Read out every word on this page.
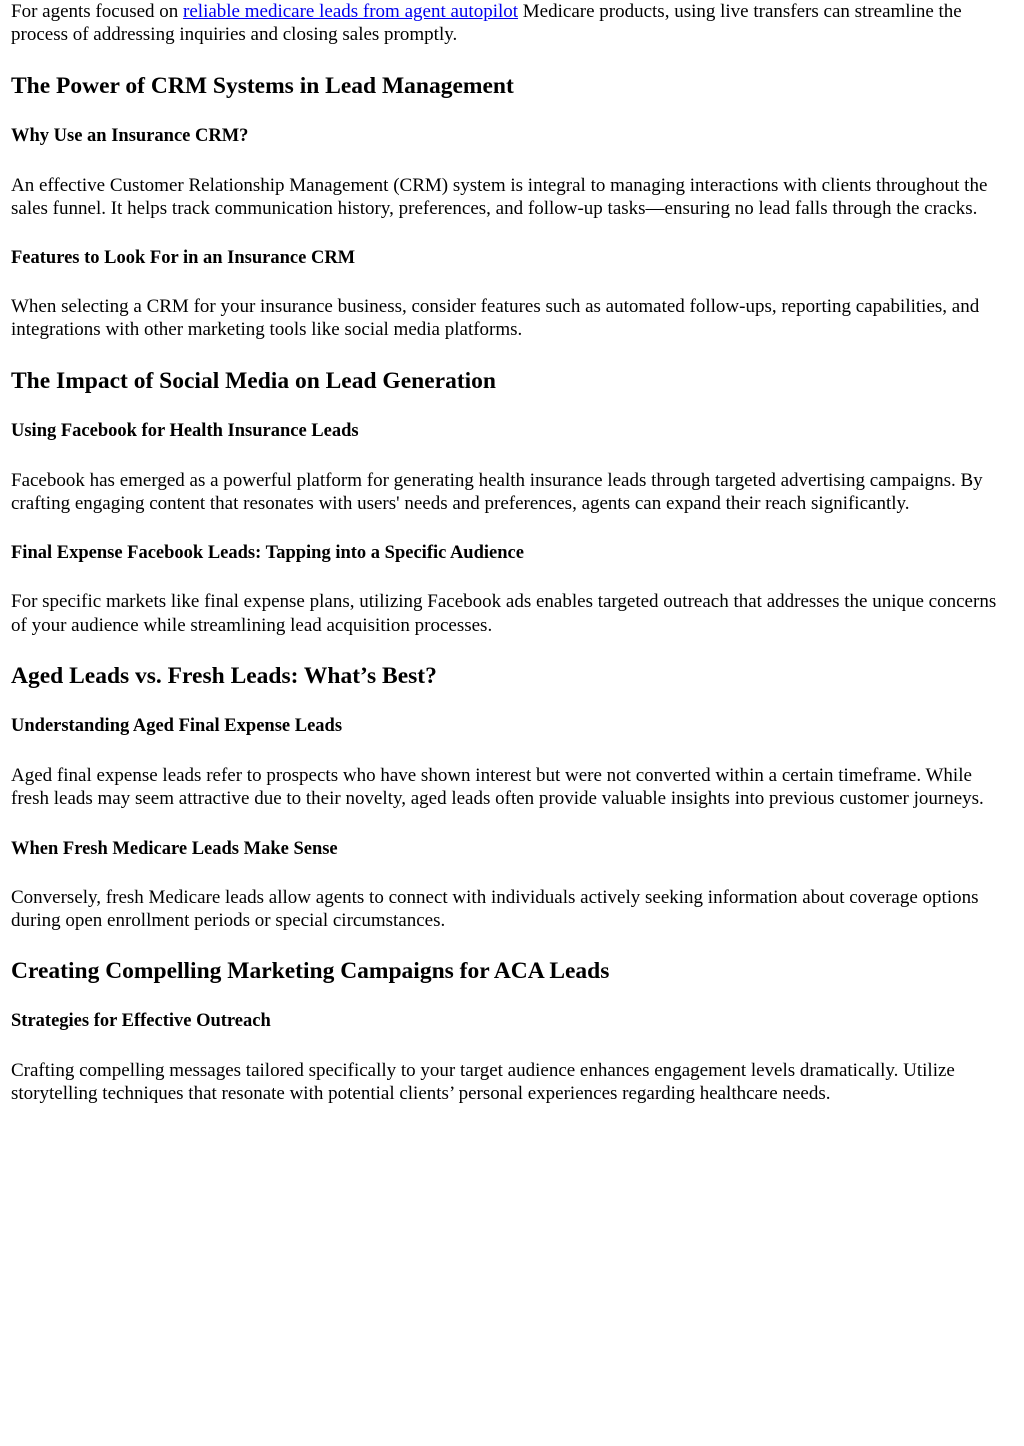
For agents focused on reliable medicare leads from agent autopilot Medicare products, using live transfers can streamline the process of addressing inquiries and closing sales promptly.

The Power of CRM Systems in Lead Management
Why Use an Insurance CRM?

An effective Customer Relationship Management (CRM) system is integral to managing interactions with clients throughout the sales funnel. It helps track communication history, preferences, and follow-up tasks—ensuring no lead falls through the cracks.

Features to Look For in an Insurance CRM

When selecting a CRM for your insurance business, consider features such as automated follow-ups, reporting capabilities, and integrations with other marketing tools like social media platforms.

The Impact of Social Media on Lead Generation
Using Facebook for Health Insurance Leads

Facebook has emerged as a powerful platform for generating health insurance leads through targeted advertising campaigns. By crafting engaging content that resonates with users' needs and preferences, agents can expand their reach significantly.

Final Expense Facebook Leads: Tapping into a Specific Audience

For specific markets like final expense plans, utilizing Facebook ads enables targeted outreach that addresses the unique concerns of your audience while streamlining lead acquisition processes.

Aged Leads vs. Fresh Leads: What’s Best?
Understanding Aged Final Expense Leads

Aged final expense leads refer to prospects who have shown interest but were not converted within a certain timeframe. While fresh leads may seem attractive due to their novelty, aged leads often provide valuable insights into previous customer journeys.

When Fresh Medicare Leads Make Sense

Conversely, fresh Medicare leads allow agents to connect with individuals actively seeking information about coverage options during open enrollment periods or special circumstances.

Creating Compelling Marketing Campaigns for ACA Leads
Strategies for Effective Outreach

Crafting compelling messages tailored specifically to your target audience enhances engagement levels dramatically. Utilize storytelling techniques that resonate with potential clients’ personal experiences regarding healthcare needs.
